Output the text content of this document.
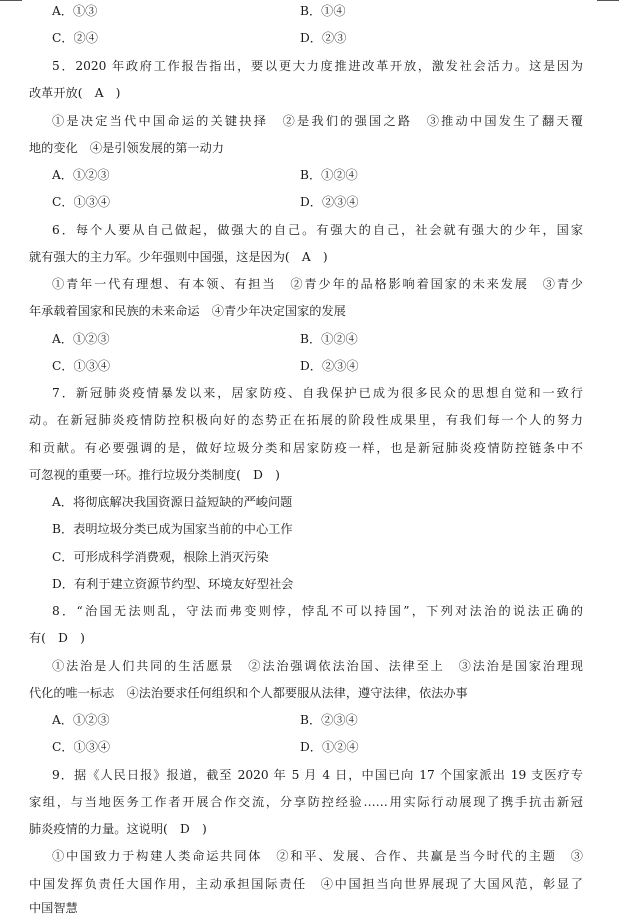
A．①③	B．①④
C．②④	D．②③
5．2020 年政府工作报告指出，要以更大力度推进改革开放，激发社会活力。这是因为
改革开放(　A　)
①是决定当代中国命运的关键抉择　②是我们的强国之路　③推动中国发生了翻天覆
地的变化　④是引领发展的第一动力
A．①②③	B．①②④
C．①③④	D．②③④
6．每个人要从自己做起，做强大的自己。有强大的自己，社会就有强大的少年，国家
就有强大的主力军。少年强则中国强，这是因为(　A　)
①青年一代有理想、有本领、有担当　②青少年的品格影响着国家的未来发展　③青少
年承载着国家和民族的未来命运　④青少年决定国家的发展
A．①②③	B．①②④
C．①③④	D．②③④
7．新冠肺炎疫情暴发以来，居家防疫、自我保护已成为很多民众的思想自觉和一致行
动。在新冠肺炎疫情防控积极向好的态势正在拓展的阶段性成果里，有我们每一个人的努力
和贡献。有必要强调的是，做好垃圾分类和居家防疫一样，也是新冠肺炎疫情防控链条中不
可忽视的重要一环。推行垃圾分类制度(　D　)
A．将彻底解决我国资源日益短缺的严峻问题
B．表明垃圾分类已成为国家当前的中心工作
C．可形成科学消费观，根除上消灭污染
D．有利于建立资源节约型、环境友好型社会
8．“治国无法则乱，守法而弗变则悖，悖乱不可以持国”，下列对法治的说法正确的
有(　D　)
①法治是人们共同的生活愿景　②法治强调依法治国、法律至上　③法治是国家治理现
代化的唯一标志　④法治要求任何组织和个人都要服从法律，遵守法律，依法办事
A．①②③	B．②③④
C．①③④	D．①②④
9．据《人民日报》报道，截至 2020 年 5 月 4 日，中国已向 17 个国家派出 19 支医疗专
家组，与当地医务工作者开展合作交流，分享防控经验……用实际行动展现了携手抗击新冠
肺炎疫情的力量。这说明(　D　)
①中国致力于构建人类命运共同体　②和平、发展、合作、共赢是当今时代的主题　③
中国发挥负责任大国作用，主动承担国际责任　④中国担当向世界展现了大国风范，彰显了
中国智慧
